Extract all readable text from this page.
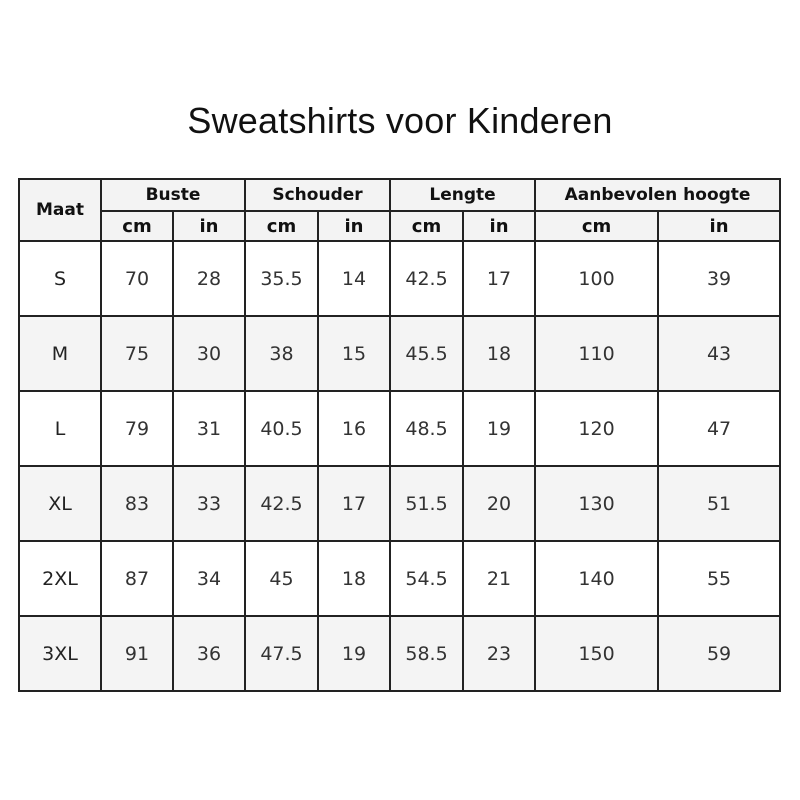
Sweatshirts voor Kinderen
Maat	Buste		Schouder		Lengte		Aanbevolen hoogte	
	cm	in	cm	in	cm	in	cm	in
S	70	28	35.5	14	42.5	17	100	39
M	75	30	38	15	45.5	18	110	43
L	79	31	40.5	16	48.5	19	120	47
XL	83	33	42.5	17	51.5	20	130	51
2XL	87	34	45	18	54.5	21	140	55
3XL	91	36	47.5	19	58.5	23	150	59
